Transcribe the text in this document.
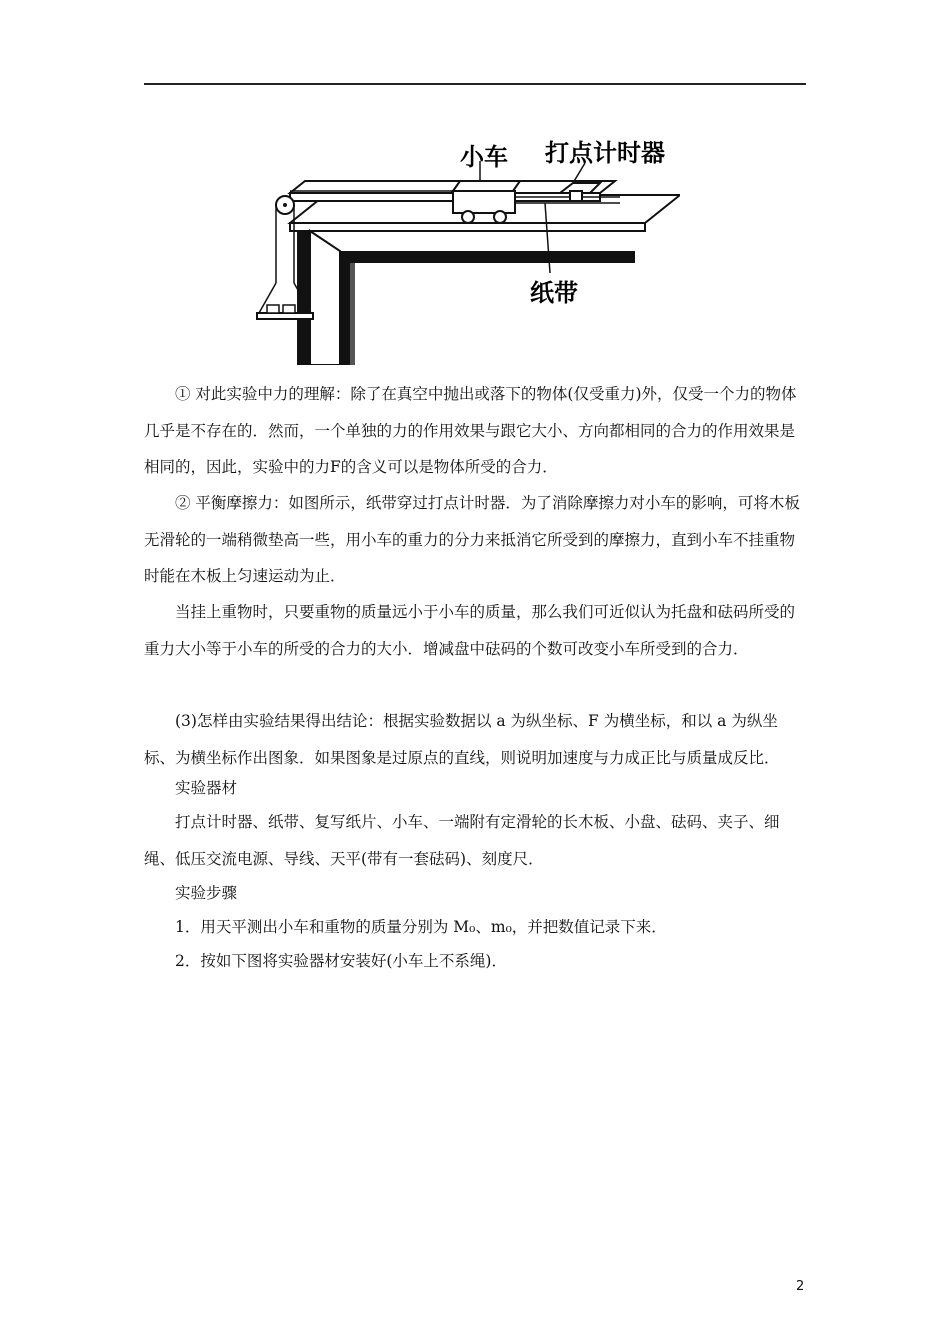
小车 打点计时器
纸带

① 对此实验中力的理解：除了在真空中抛出或落下的物体(仅受重力)外，仅受一个力的物体几乎是不存在的．然而，一个单独的力的作用效果与跟它大小、方向都相同的合力的作用效果是相同的，因此，实验中的力F的含义可以是物体所受的合力．

② 平衡摩擦力：如图所示，纸带穿过打点计时器．为了消除摩擦力对小车的影响，可将木板无滑轮的一端稍微垫高一些，用小车的重力的分力来抵消它所受到的摩擦力，直到小车不挂重物时能在木板上匀速运动为止．

当挂上重物时，只要重物的质量远小于小车的质量，那么我们可近似认为托盘和砝码所受的重力大小等于小车的所受的合力的大小．增减盘中砝码的个数可改变小车所受到的合力．

(3)怎样由实验结果得出结论：根据实验数据以 a 为纵坐标、F 为横坐标，和以 a 为纵坐标、为横坐标作出图象．如果图象是过原点的直线，则说明加速度与力成正比与质量成反比．

实验器材

打点计时器、纸带、复写纸片、小车、一端附有定滑轮的长木板、小盘、砝码、夹子、细绳、低压交流电源、导线、天平(带有一套砝码)、刻度尺．

实验步骤
1．用天平测出小车和重物的质量分别为 M₀、m₀，并把数值记录下来．
2．按如下图将实验器材安装好(小车上不系绳)．
2
